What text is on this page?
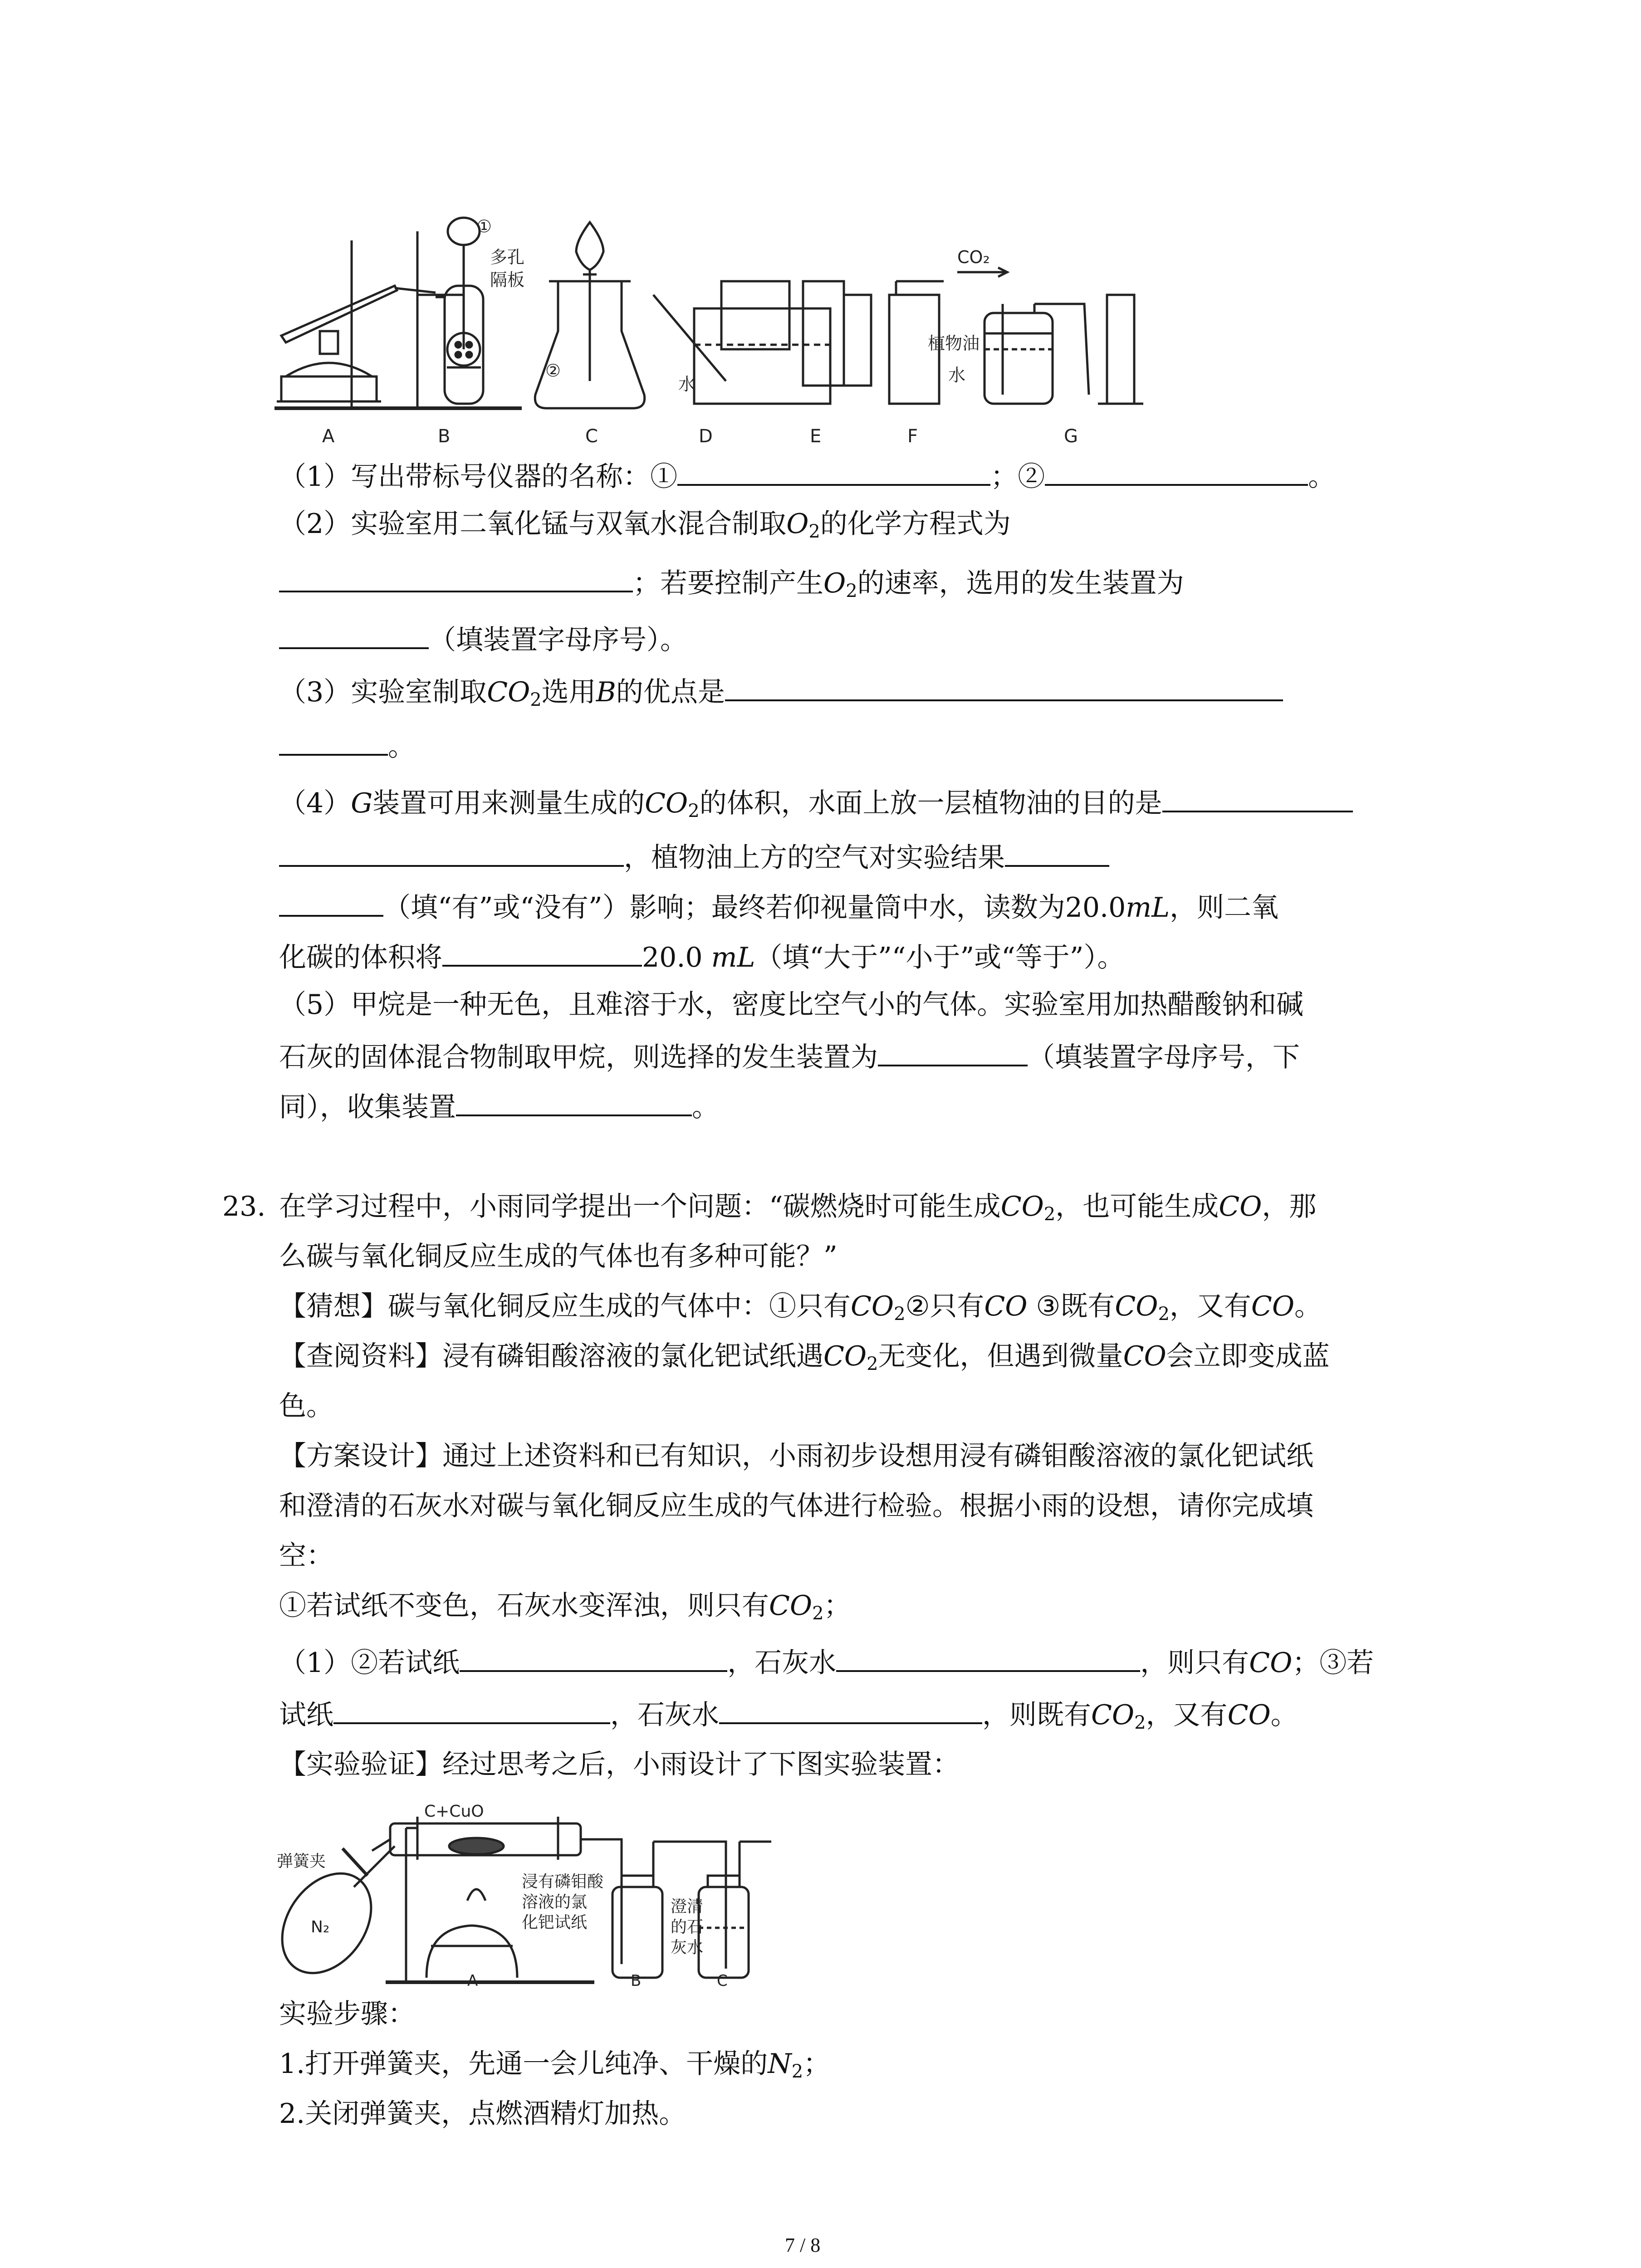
①
多孔
隔板
②
水
CO₂
植物油
水
A	B	C	D	E	F	G
（1）写出带标号仪器的名称：①	；②	。
（2）实验室用二氧化锰与双氧水混合制取$O_2$的化学方程式为
；若要控制产生$O_2$的速率，选用的发生装置为
（填装置字母序号）。
（3）实验室制取$CO_2$选用B的优点是
。
（4）G装置可用来测量生成的$CO_2$的体积，水面上放一层植物油的目的是
，植物油上方的空气对实验结果
（填“有”或“没有”）影响；最终若仰视量筒中水，读数为20.0mL，则二氧
化碳的体积将	20.0 mL（填“大于”“小于”或“等于”）。
（5）甲烷是一种无色，且难溶于水，密度比空气小的气体。实验室用加热醋酸钠和碱
石灰的固体混合物制取甲烷，则选择的发生装置为	（填装置字母序号，下
同），收集装置	。
23. 在学习过程中，小雨同学提出一个问题：“碳燃烧时可能生成$CO_2$，也可能生成CO，那
么碳与氧化铜反应生成的气体也有多种可能？”
【猜想】碳与氧化铜反应生成的气体中：①只有$CO_2②$只有CO ③既有$CO_2$，又有CO。
【查阅资料】浸有磷钼酸溶液的氯化钯试纸遇$CO_2$无变化，但遇到微量CO会立即变成蓝
色。
【方案设计】通过上述资料和已有知识，小雨初步设想用浸有磷钼酸溶液的氯化钯试纸
和澄清的石灰水对碳与氧化铜反应生成的气体进行检验。根据小雨的设想，请你完成填
空：
①若试纸不变色，石灰水变浑浊，则只有$CO_2$；
（1）②若试纸	，石灰水	，则只有CO；③若
试纸	，石灰水	，则既有$CO_2$，又有CO。
【实验验证】经过思考之后，小雨设计了下图实验装置：
弹簧夹
C+CuO
浸有磷钼酸
溶液的氯
化钯试纸
澄清
的石
灰水
N₂
A	B	C
实验步骤：
1.打开弹簧夹，先通一会儿纯净、干燥的$N_2$；
2.关闭弹簧夹，点燃酒精灯加热。
7 / 8
